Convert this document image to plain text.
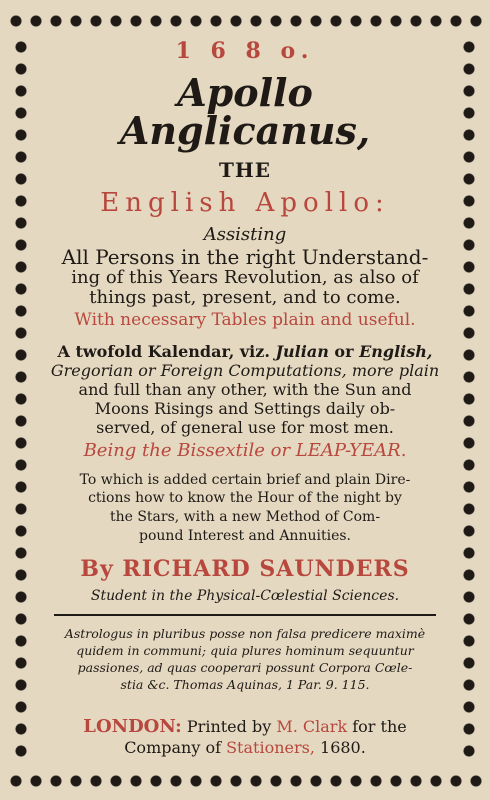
1 6 8 o.
Apollo Anglicanus,
THE
English Apollo:
Assisting
All Persons in the right Understand-
ing of this Years Revolution, as also of
things past, present, and to come.
With necessary Tables plain and useful.
A twofold Kalendar, viz. Julian or English,
Gregorian or Foreign Computations, more plain
and full than any other, with the Sun and
Moons Risings and Settings daily ob-
served, of general use for most men.
Being the Bissextile or LEAP-YEAR.
To which is added certain brief and plain Dire-
ctions how to know the Hour of the night by
the Stars, with a new Method of Com-
pound Interest and Annuities.
By RICHARD SAUNDERS
Student in the Physical-Cœlestial Sciences.
Astrologus in pluribus posse non falsa predicere maximè
quidem in communi; quia plures hominum sequuntur
passiones, ad quas cooperari possunt Corpora Cœle-
stia &c. Thomas Aquinas, 1 Par. 9. 115.
LONDON: Printed by M. Clark for the
Company of Stationers, 1680.
